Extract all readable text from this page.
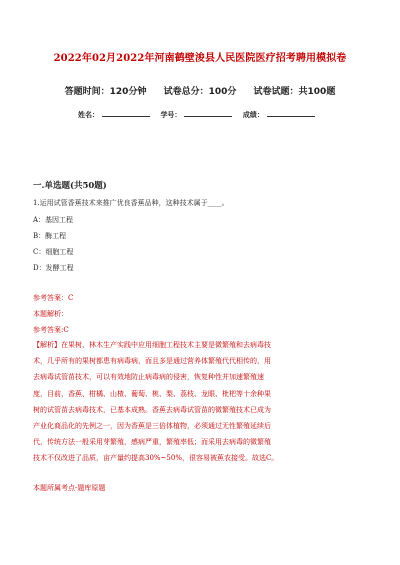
2022年02月2022年河南鹤壁浚县人民医院医疗招考聘用模拟卷
答题时间：120分钟 试卷总分：100分 试卷试题：共100题
姓名：	学号：	成绩：
一.单选题(共50题)
1.运用试管香蕉技术来推广优良香蕉品种，这种技术属于____。
A：基因工程
B：酶工程
C：细胞工程
D：发酵工程
参考答案：C
本题解析：
参考答案:C
【解析】在果树、林木生产实践中应用细胞工程技术主要是微繁殖和去病毒技
术，几乎所有的果树都患有病毒病，而且多是通过营养体繁殖代代相传的，用
去病毒试管苗技术，可以有效地防止病毒病的侵害，恢复种性并加速繁殖速
度，目前，香蕉、柑橘、山楂、葡萄、桃、梨、荔枝、龙眼、枇杷等十余种果
树的试管苗去病毒技术，已基本成熟。香蕉去病毒试管苗的微繁殖技术已成为
产业化商品化的先例之一，因为香蕉是三倍体植物，必须通过无性繁殖延续后
代，传统方法一般采用芽繁殖，感病严重，繁殖率低；而采用去病毒的微繁殖
技术不仅改进了品质，亩产量约提高30%~50%，很容易被蕉农接受。故选C。
本题所属考点-题库原题
